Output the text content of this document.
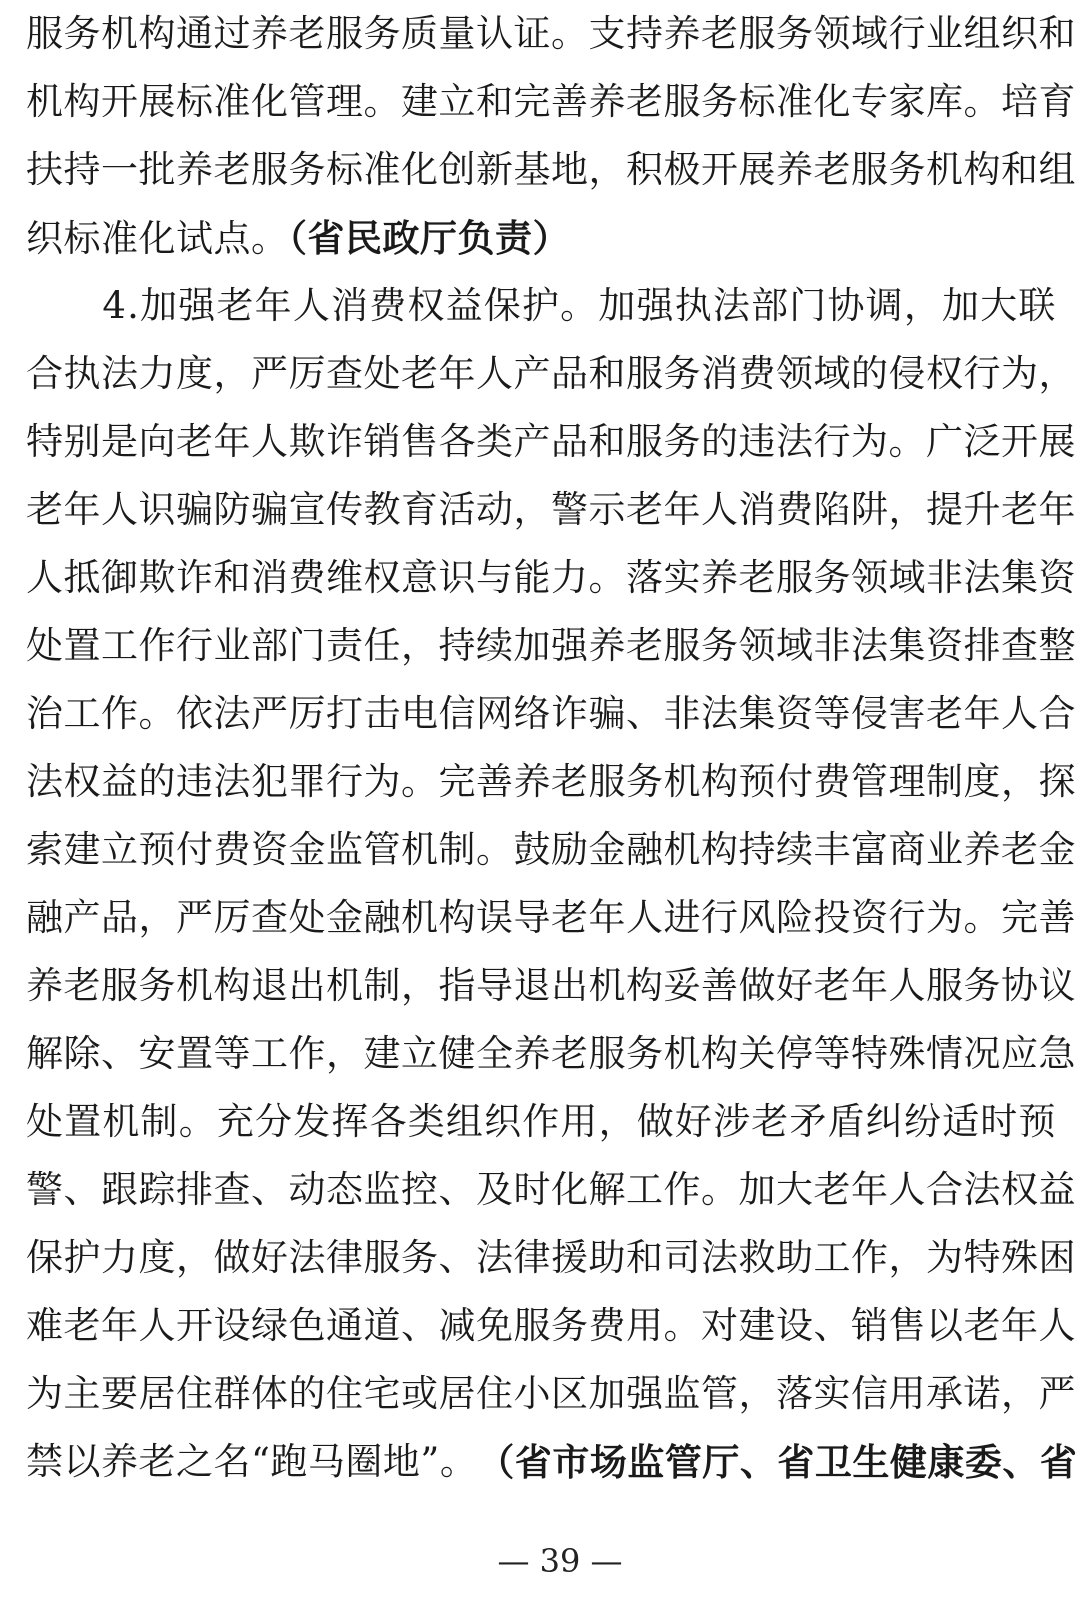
服 务 机 构 通 过 养 老 服 务 质 量 认 证 。 支 持 养 老 服 务 领 域 行 业 组 织 和
机 构 开 展 标 准 化 管 理 。 建 立 和 完 善 养 老 服 务 标 准 化 专 家 库 。 培 育
扶 持 一 批 养 老 服 务 标 准 化 创 新 基 地 ， 积 极 开 展 养 老 服 务 机 构 和 组
织标准化试点。（省民政厅负责）

4 . 加 强 老 年 人 消 费 权 益 保 护 。 加 强 执 法 部 门 协 调 ， 加 大 联
合 执 法 力 度 ， 严 厉 查 处 老 年 人 产 品 和 服 务 消 费 领 域 的 侵 权 行 为 ，
特 别 是 向 老 年 人 欺 诈 销 售 各 类 产 品 和 服 务 的 违 法 行 为 。 广 泛 开 展
老 年 人 识 骗 防 骗 宣 传 教 育 活 动 ， 警 示 老 年 人 消 费 陷 阱 ， 提 升 老 年
人 抵 御 欺 诈 和 消 费 维 权 意 识 与 能 力 。 落 实 养 老 服 务 领 域 非 法 集 资
处 置 工 作 行 业 部 门 责 任 ， 持 续 加 强 养 老 服 务 领 域 非 法 集 资 排 查 整
治 工 作 。 依 法 严 厉 打 击 电 信 网 络 诈 骗 、 非 法 集 资 等 侵 害 老 年 人 合
法 权 益 的 违 法 犯 罪 行 为 。 完 善 养 老 服 务 机 构 预 付 费 管 理 制 度 ， 探
索 建 立 预 付 费 资 金 监 管 机 制 。 鼓 励 金 融 机 构 持 续 丰 富 商 业 养 老 金
融 产 品 ， 严 厉 查 处 金 融 机 构 误 导 老 年 人 进 行 风 险 投 资 行 为 。 完 善
养 老 服 务 机 构 退 出 机 制 ， 指 导 退 出 机 构 妥 善 做 好 老 年 人 服 务 协 议
解 除 、 安 置 等 工 作 ， 建 立 健 全 养 老 服 务 机 构 关 停 等 特 殊 情 况 应 急
处 置 机 制 。 充 分 发 挥 各 类 组 织 作 用 ， 做 好 涉 老 矛 盾 纠 纷 适 时 预
警 、 跟 踪 排 查 、 动 态 监 控 、 及 时 化 解 工 作 。 加 大 老 年 人 合 法 权 益
保 护 力 度 ， 做 好 法 律 服 务 、 法 律 援 助 和 司 法 救 助 工 作 ， 为 特 殊 困
难 老 年 人 开 设 绿 色 通 道 、 减 免 服 务 费 用 。 对 建 设 、 销 售 以 老 年 人
为 主 要 居 住 群 体 的 住 宅 或 居 住 小 区 加 强 监 管 ， 落 实 信 用 承 诺 ， 严
禁 以 养 老 之 名 “ 跑 马 圈 地 ” 。 （ 省 市 场 监 管 厅 、 省 卫 生 健 康 委 、 省
— 39 —
